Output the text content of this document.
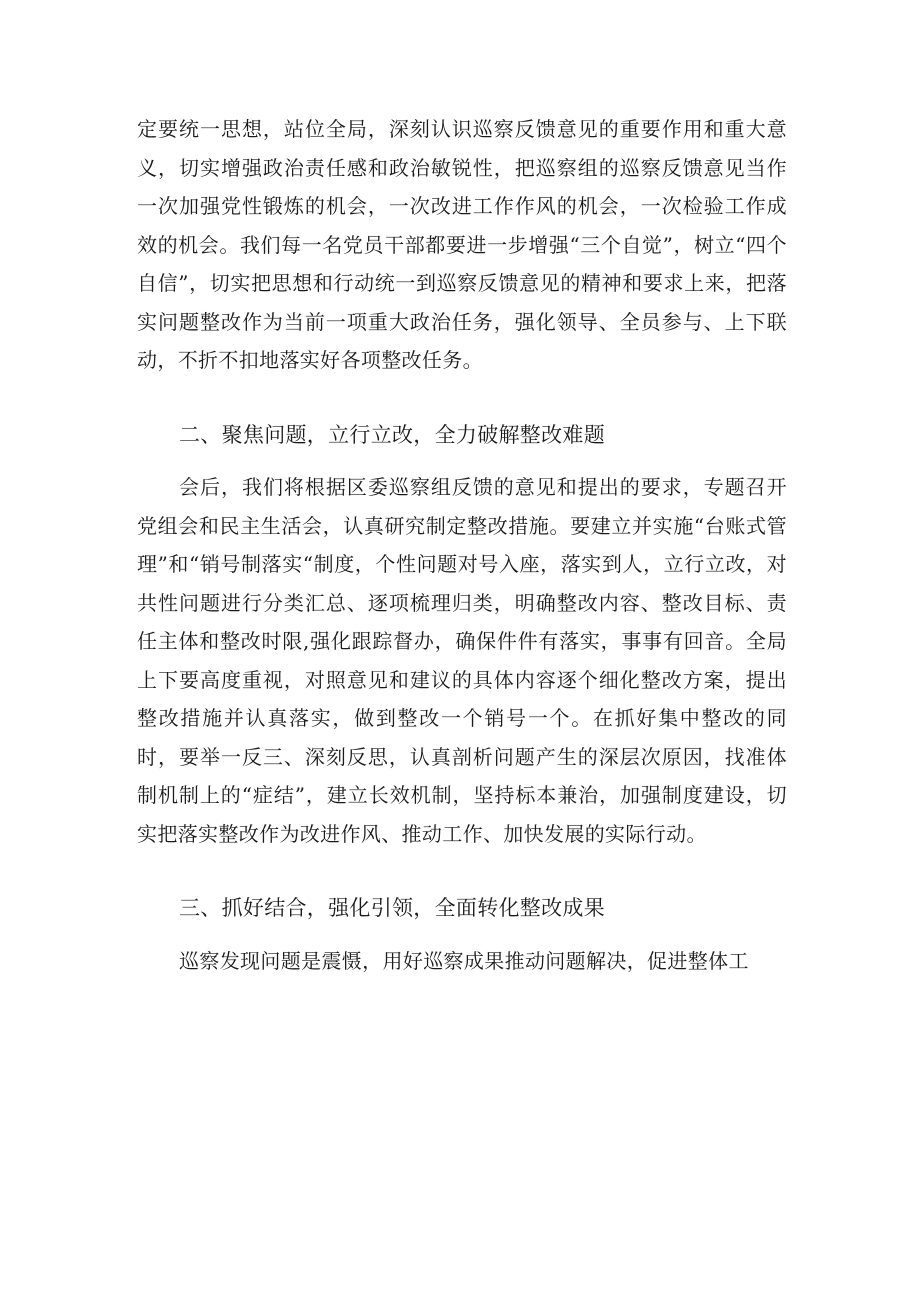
定要统一思想，站位全局，深刻认识巡察反馈意见的重要作用和重大意义，切实增强政治责任感和政治敏锐性，把巡察组的巡察反馈意见当作一次加强党性锻炼的机会，一次改进工作作风的机会，一次检验工作成效的机会。我们每一名党员干部都要进一步增强“三个自觉”，树立“四个自信”，切实把思想和行动统一到巡察反馈意见的精神和要求上来，把落实问题整改作为当前一项重大政治任务，强化领导、全员参与、上下联动，不折不扣地落实好各项整改任务。

二、聚焦问题，立行立改，全力破解整改难题

会后，我们将根据区委巡察组反馈的意见和提出的要求，专题召开党组会和民主生活会，认真研究制定整改措施。要建立并实施“台账式管理”和“销号制落实“制度，个性问题对号入座，落实到人，立行立改，对共性问题进行分类汇总、逐项梳理归类，明确整改内容、整改目标、责任主体和整改时限,强化跟踪督办，确保件件有落实，事事有回音。全局上下要高度重视，对照意见和建议的具体内容逐个细化整改方案，提出整改措施并认真落实，做到整改一个销号一个。在抓好集中整改的同时，要举一反三、深刻反思，认真剖析问题产生的深层次原因，找准体制机制上的“症结”，建立长效机制，坚持标本兼治，加强制度建设，切实把落实整改作为改进作风、推动工作、加快发展的实际行动。

三、抓好结合，强化引领，全面转化整改成果

巡察发现问题是震慑，用好巡察成果推动问题解决，促进整体工
